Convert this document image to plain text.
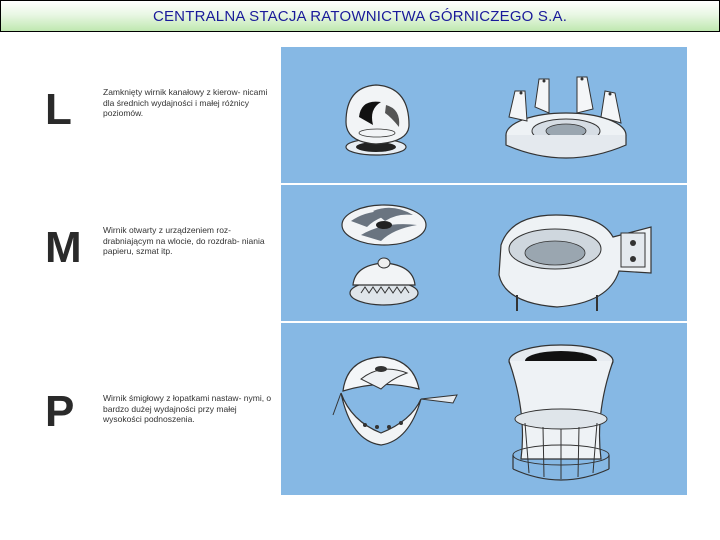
CENTRALNA STACJA RATOWNICTWA GÓRNICZEGO S.A.
L	Zamknięty wirnik kanałowy z kierow- nicami dla średnich wydajności i małej różnicy poziomów.
M	Wirnik otwarty z urządzeniem roz- drabniającym na wlocie, do rozdrab- niania papieru, szmat itp.
P	Wirnik śmigłowy z łopatkami nastaw- nymi, o bardzo dużej wydajności przy małej wysokości podnoszenia.
